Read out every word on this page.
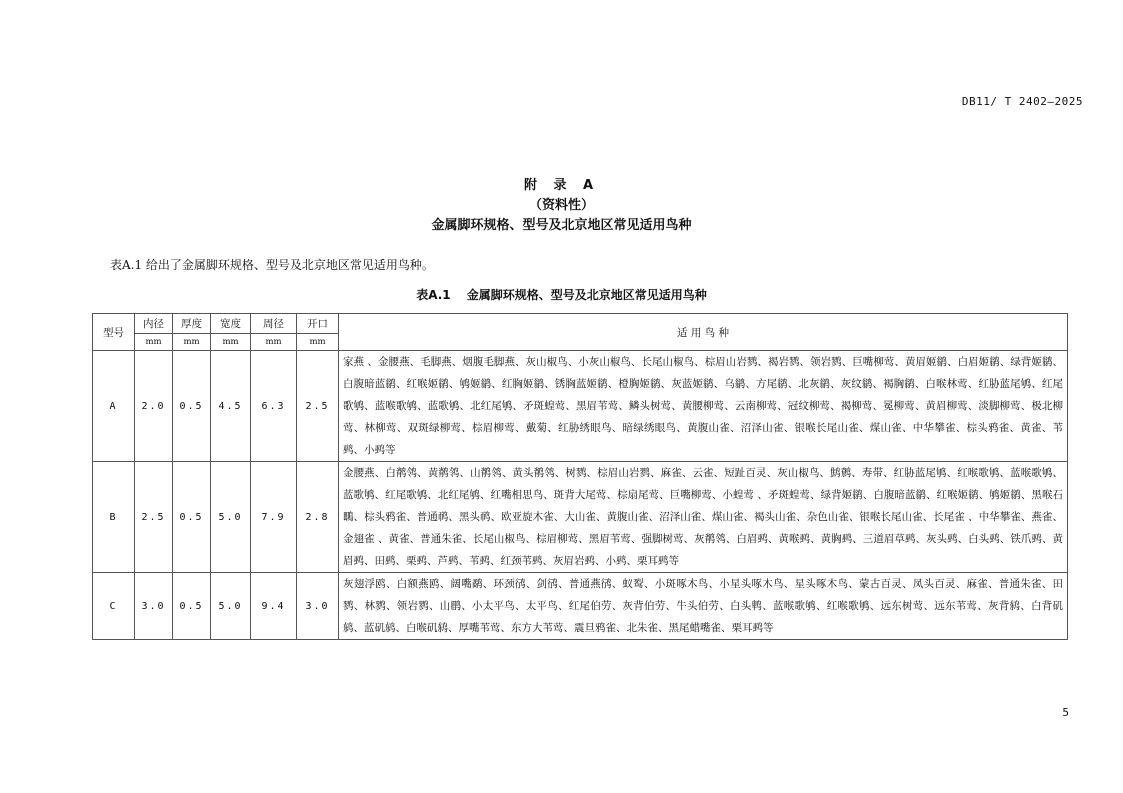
DB11/ T 2402—2025
附 录 A
（资料性）
金属脚环规格、型号及北京地区常见适用鸟种
表A.1 给出了金属脚环规格、型号及北京地区常见适用鸟种。
表A.1　 金属脚环规格、型号及北京地区常见适用鸟种
型号	内径	厚度	宽度	周径	开口	适 用 鸟 种
	mm	mm	mm	mm	mm	
A	2.0	0.5	4.5	6.3	2.5	家燕 、金腰燕、毛脚燕、烟腹毛脚燕、灰山椒鸟、小灰山椒鸟、长尾山椒鸟、棕眉山岩鹨、褐岩鹨、领岩鹨、巨嘴柳莺、黄眉姬鹟、白眉姬鹟、绿背姬鹟、白腹暗蓝鹟、红喉姬鹟、鸲姬鹟、红胸姬鹟、锈胸蓝姬鹟、橙胸姬鹟、灰蓝姬鹟、乌鹟、方尾鹟、北灰鹟、灰纹鹟、褐胸鹟、白喉林莺、红胁蓝尾鸲、红尾歌鸲、蓝喉歌鸲、蓝歌鸲、北红尾鸲、矛斑蝗莺、黑眉苇莺、鳞头树莺、黄腰柳莺、云南柳莺、冠纹柳莺、褐柳莺、冕柳莺、黄眉柳莺、淡脚柳莺、极北柳莺、林柳莺、双斑绿柳莺、棕眉柳莺、戴菊、红胁绣眼鸟、暗绿绣眼鸟、黄腹山雀、沼泽山雀、银喉长尾山雀、煤山雀、中华攀雀、棕头鸦雀、黄雀、苇鹀、小鹀等
B	2.5	0.5	5.0	7.9	2.8	金腰燕、白鹡鸰、黄鹡鸰、山鹡鸰、黄头鹡鸰、树鹨、棕眉山岩鹨、麻雀、云雀、短趾百灵、灰山椒鸟、鹪鹩、寿带、红胁蓝尾鸲、红喉歌鸲、蓝喉歌鸲、蓝歌鸲、红尾歌鸲、北红尾鸲、红嘴相思鸟、斑背大尾莺、棕扇尾莺、巨嘴柳莺、小蝗莺 、矛斑蝗莺、绿背姬鹟、白腹暗蓝鹟、红喉姬鹟、鸲姬鹟、黑喉石䳭、棕头鸦雀、普通䴓、黑头䴓、欧亚旋木雀、大山雀、黄腹山雀、沼泽山雀、煤山雀、褐头山雀、杂色山雀、银喉长尾山雀、长尾雀 、中华攀雀、燕雀、金翅雀 、黄雀、普通朱雀、长尾山椒鸟、棕眉柳莺、黑眉苇莺、强脚树莺、灰鹡鸰、白眉鹀、黄喉鹀、黄胸鹀、三道眉草鹀、灰头鹀、白头鹀、铁爪鹀、黄眉鹀、田鹀、栗鹀、芦鹀、苇鹀、红颈苇鹀、灰眉岩鹀、小鹀、栗耳鹀等
C	3.0	0.5	5.0	9.4	3.0	灰翅浮鸥、白额燕鸥、阔嘴鹬、环颈鸻、剑鸻、普通燕鸻、蚁䴕、小斑啄木鸟、小星头啄木鸟、星头啄木鸟、蒙古百灵、凤头百灵、麻雀、普通朱雀、田鹨、林鹨、领岩鹨、山鹛、小太平鸟、太平鸟、红尾伯劳、灰背伯劳、牛头伯劳、白头鹎、蓝喉歌鸲、红喉歌鸲、远东树莺、远东苇莺、灰背鸫、白背矶鸫、蓝矶鸫、白喉矶鸫、厚嘴苇莺、东方大苇莺、震旦鸦雀、北朱雀、黑尾蜡嘴雀、栗耳鹀等
5
